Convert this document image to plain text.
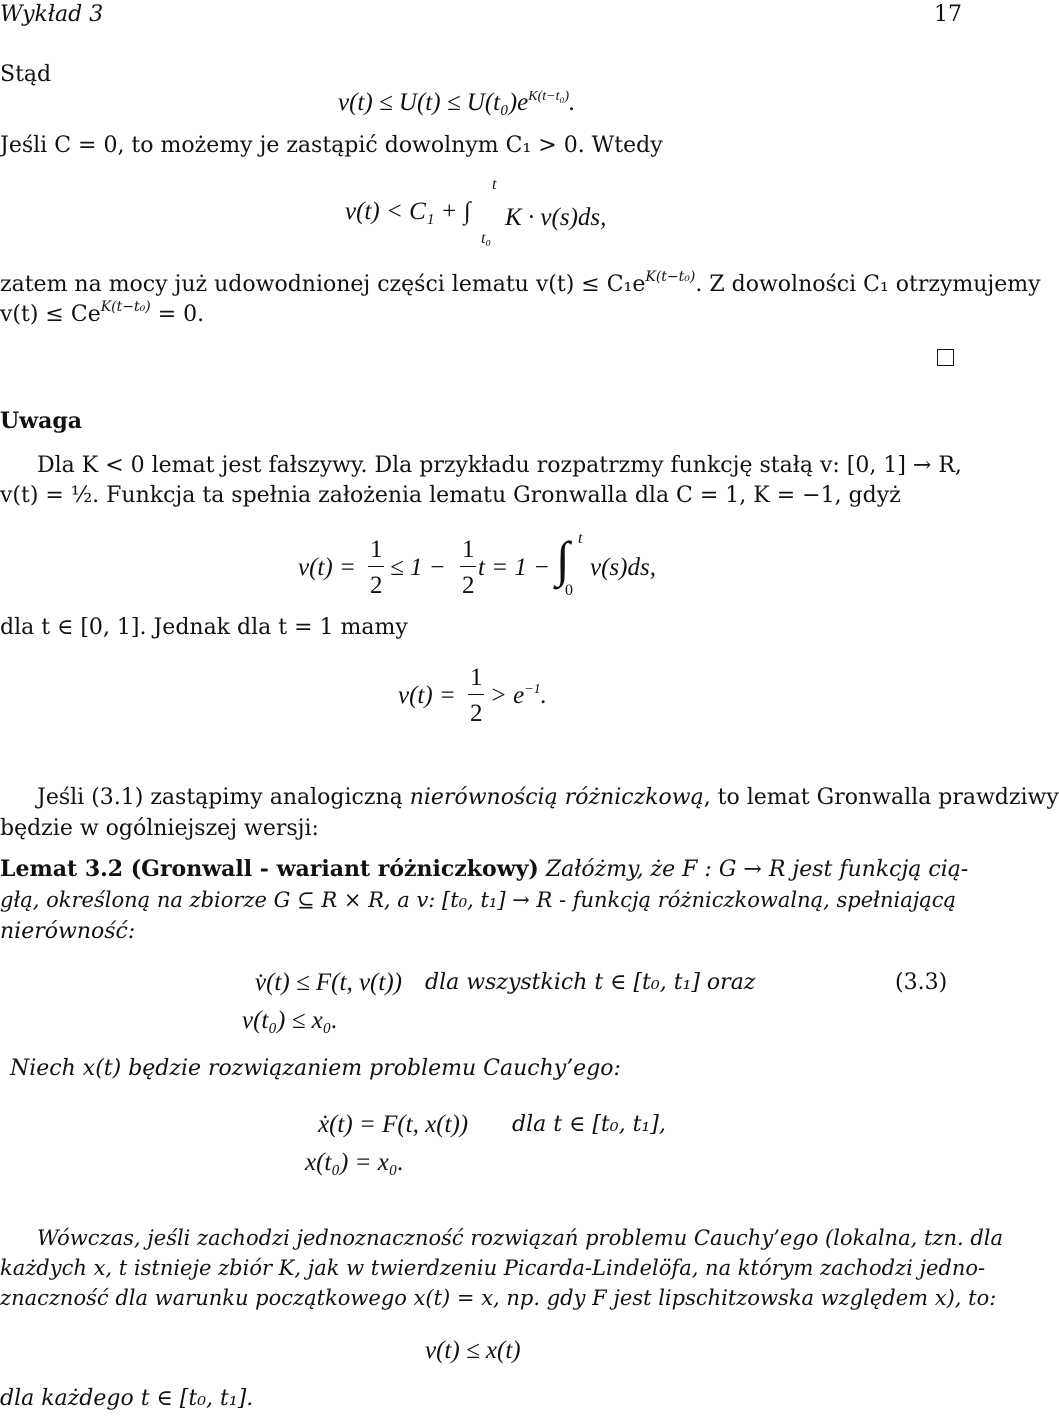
Wykład 3	17
Stąd
$v(t) \le U(t) \le U(t_0)e^{K(t-t_0)}$.
Jeśli C = 0, to możemy je zastąpić dowolnym C₁ > 0. Wtedy
v(t) < C₁ + ∫
t
t₀
K · v(s)ds,
zatem na mocy już udowodnionej części lematu $v(t) \le C_1e^{K(t-t_0)}$. Z dowolności C₁ otrzymujemy
$v(t) \le Ce^{K(t-t_0)} = 0$.
Uwaga
Dla K < 0 lemat jest fałszywy. Dla przykładu rozpatrzmy funkcję stałą v: [0, 1] → R,
v(t) = ½. Funkcja ta spełnia założenia lematu Gronwalla dla C = 1, K = −1, gdyż
v(t) =
1
2
≤ 1 −
1
2
t = 1 − ∫ t
0
v(s)ds,
dla t ∈ [0, 1]. Jednak dla t = 1 mamy
v(t) =
1
2
> $e^{-1}$.
Jeśli (3.1) zastąpimy analogiczną nierównością różniczkową, to lemat Gronwalla prawdziwy
będzie w ogólniejszej wersji:
Lemat 3.2 (Gronwall - wariant różniczkowy) Załóżmy, że F : G → R jest funkcją cią-
głą, określoną na zbiorze G ⊆ R × R, a v: [t₀, t₁] → R - funkcją różniczkowalną, spełniającą
nierówność:
v̇(t) ≤ F(t, v(t)) dla wszystkich t ∈ [t₀, t₁] oraz	(3.3)
v(t₀) ≤ x₀.
Niech x(t) będzie rozwiązaniem problemu Cauchy’ego:
ẋ(t) = F(t, x(t)) dla t ∈ [t₀, t₁],
x(t₀) = x₀.
Wówczas, jeśli zachodzi jednoznaczność rozwiązań problemu Cauchy’ego (lokalna, tzn. dla
każdych x, t istnieje zbiór K, jak w twierdzeniu Picarda-Lindelöfa, na którym zachodzi jedno-
znaczność dla warunku początkowego x(t) = x, np. gdy F jest lipschitzowska względem x), to:
v(t) ≤ x(t)
dla każdego t ∈ [t₀, t₁].
